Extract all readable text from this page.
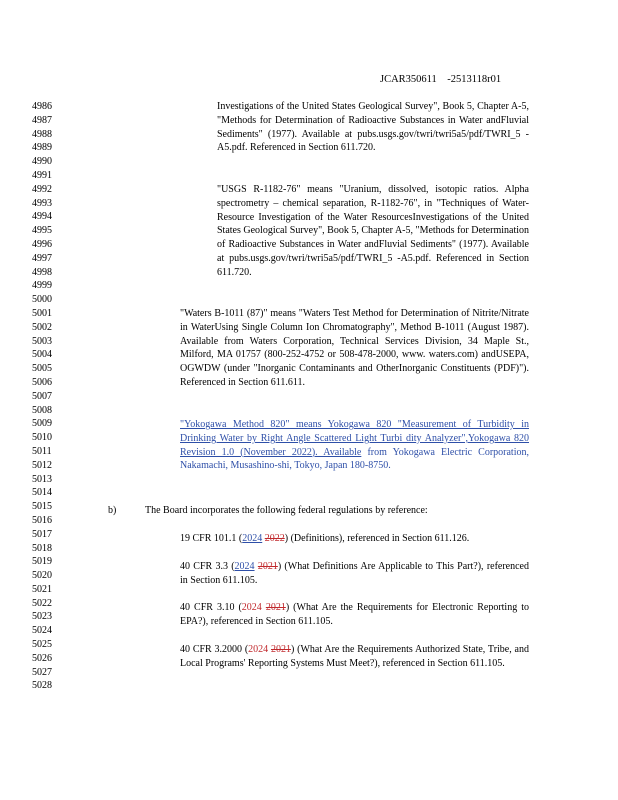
JCAR350611    -2513118r01
4986
4987
4988
4989
4990
4991
4992
4993
4994
4995
4996
4997
4998
4999
5000
5001
5002
5003
5004
5005
5006
5007
5008
5009
5010
5011
5012
5013
5014
5015
5016
5017
5018
5019
5020
5021
5022
5023
5024
5025
5026
5027
5028

Investigations of the United States Geological Survey", Book 5, Chapter A-5, "Methods for Determination of Radioactive Substances in Water andFluvial Sediments" (1977). Available at pubs.usgs.gov/twri/twri5a5/pdf/TWRI_5 -A5.pdf. Referenced in Section 611.720.

"USGS R-1182-76" means "Uranium, dissolved, isotopic ratios. Alpha spectrometry – chemical separation, R-1182-76", in "Techniques of Water-Resource Investigation of the Water ResourcesInvestigations of the United States Geological Survey", Book 5, Chapter A-5, "Methods for Determination of Radioactive Substances in Water andFluvial Sediments" (1977). Available at pubs.usgs.gov/twri/twri5a5/pdf/TWRI_5 -A5.pdf. Referenced in Section 611.720.

"Waters B-1011 (87)" means "Waters Test Method for Determination of Nitrite/Nitrate in WaterUsing Single Column Ion Chromatography", Method B-1011 (August 1987). Available from Waters Corporation, Technical Services Division, 34 Maple St., Milford, MA 01757 (800-252-4752 or 508-478-2000, www. waters.com) andUSEPA, OGWDW (under "Inorganic Contaminants and OtherInorganic Constituents (PDF)"). Referenced in Section 611.611.

"Yokogawa Method 820" means Yokogawa 820 "Measurement of Turbidity in Drinking Water by Right Angle Scattered Light Turbi dity Analyzer",Yokogawa 820 Revision 1.0 (November 2022). Available from Yokogawa Electric Corporation, Nakamachi, Musashino-shi, Tokyo, Japan 180-8750.

b)	The Board incorporates the following federal regulations by reference:

19 CFR 101.1 (2024 2022) (Definitions), referenced in Section 611.126.

40 CFR 3.3 (2024 2021) (What Definitions Are Applicable to This Part?), referenced in Section 611.105.

40 CFR 3.10 (2024 2021) (What Are the Requirements for Electronic Reporting to EPA?), referenced in Section 611.105.

40 CFR 3.2000 (2024 2021) (What Are the Requirements Authorized State, Tribe, and Local Programs' Reporting Systems Must Meet?), referenced in Section 611.105.
